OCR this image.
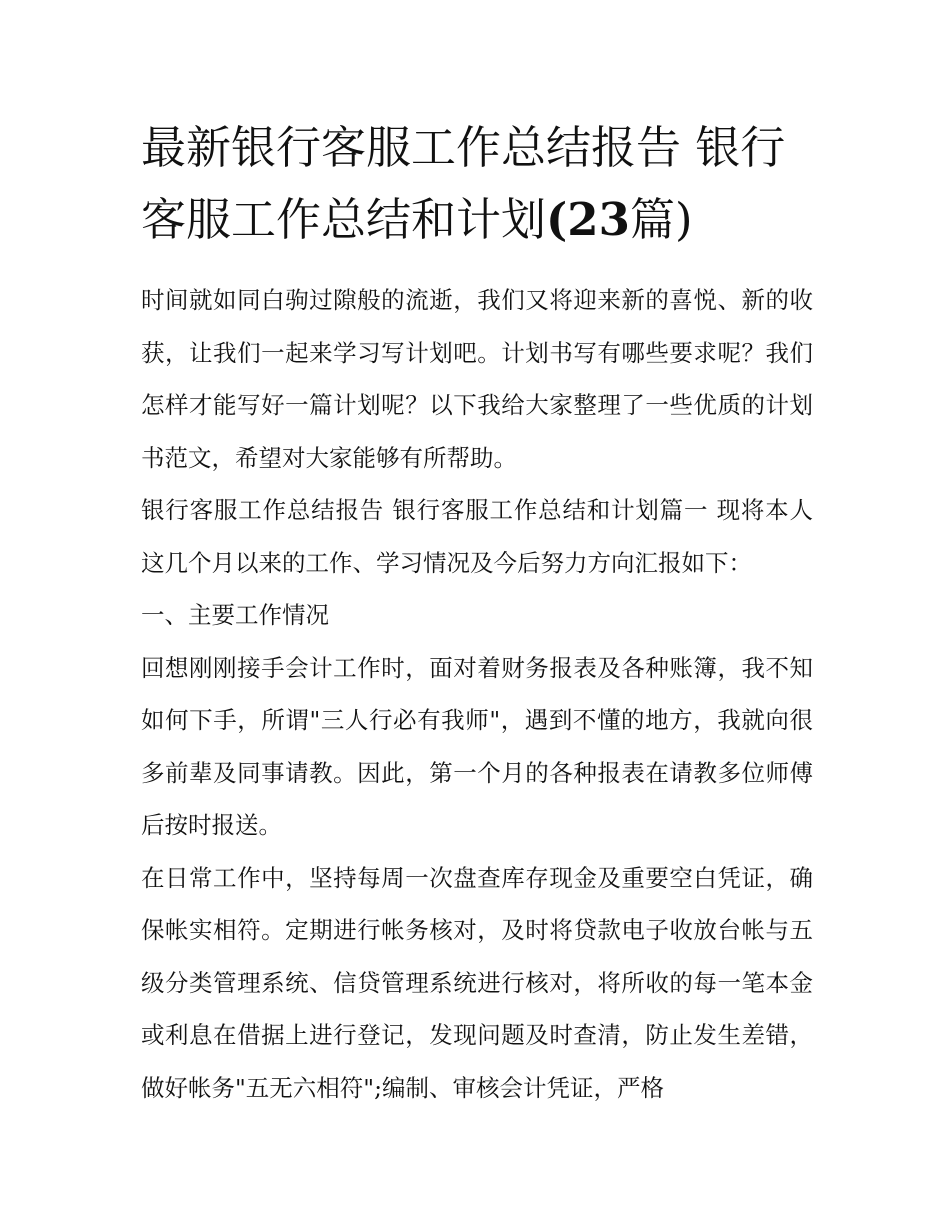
最新银行客服工作总结报告 银行客服工作总结和计划(23篇)

时间就如同白驹过隙般的流逝，我们又将迎来新的喜悦、新的收获，让我们一起来学习写计划吧。计划书写有哪些要求呢？我们怎样才能写好一篇计划呢？以下我给大家整理了一些优质的计划书范文，希望对大家能够有所帮助。

银行客服工作总结报告 银行客服工作总结和计划篇一 现将本人这几个月以来的工作、学习情况及今后努力方向汇报如下：

一、主要工作情况

回想刚刚接手会计工作时，面对着财务报表及各种账簿，我不知如何下手，所谓"三人行必有我师"，遇到不懂的地方，我就向很多前辈及同事请教。因此，第一个月的各种报表在请教多位师傅后按时报送。

在日常工作中，坚持每周一次盘查库存现金及重要空白凭证，确保帐实相符。定期进行帐务核对，及时将贷款电子收放台帐与五级分类管理系统、信贷管理系统进行核对，将所收的每一笔本金或利息在借据上进行登记，发现问题及时查清，防止发生差错，做好帐务"五无六相符";编制、审核会计凭证，严格
